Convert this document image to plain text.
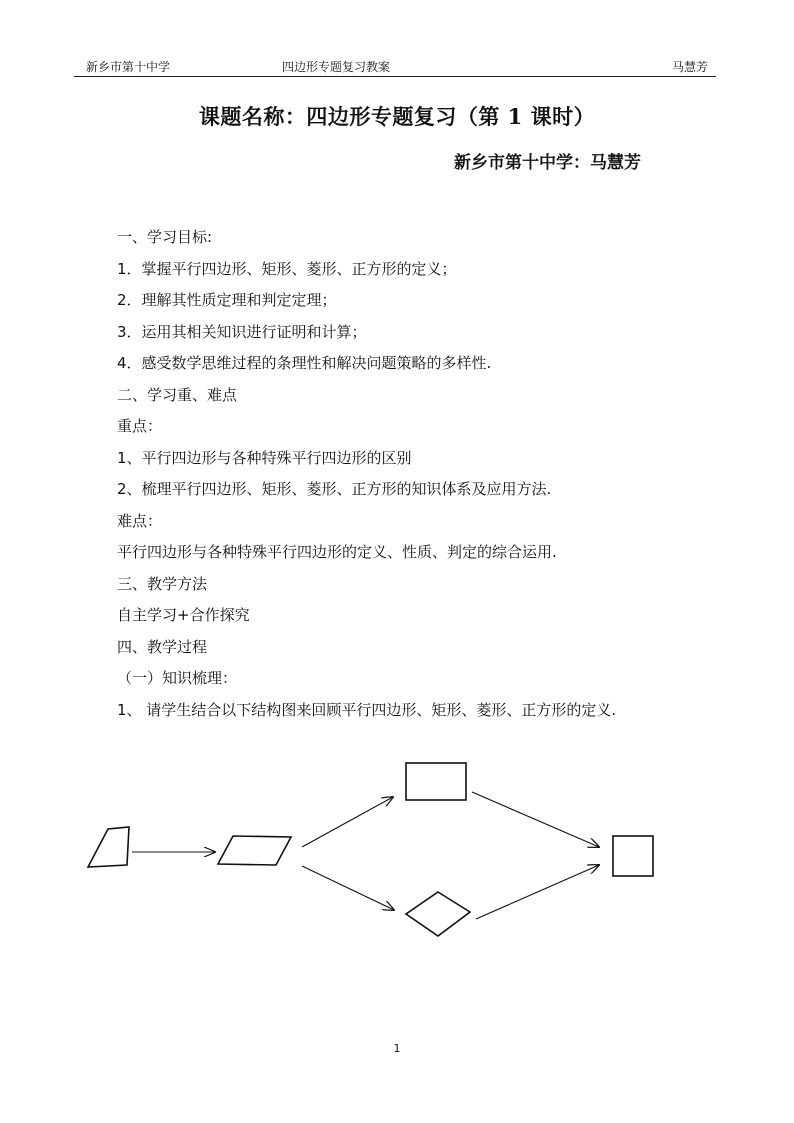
新乡市第十中学	四边形专题复习教案	马慧芳
课题名称：四边形专题复习（第 1 课时）
新乡市第十中学：马慧芳
一、学习目标:
1．掌握平行四边形、矩形、菱形、正方形的定义；
2．理解其性质定理和判定定理；
3．运用其相关知识进行证明和计算；
4．感受数学思维过程的条理性和解决问题策略的多样性.
二、学习重、难点
重点：
1、平行四边形与各种特殊平行四边形的区别
2、梳理平行四边形、矩形、菱形、正方形的知识体系及应用方法.
难点：
平行四边形与各种特殊平行四边形的定义、性质、判定的综合运用.
三、教学方法
自主学习+合作探究
四、教学过程
（一）知识梳理：
1、 请学生结合以下结构图来回顾平行四边形、矩形、菱形、正方形的定义.
1
